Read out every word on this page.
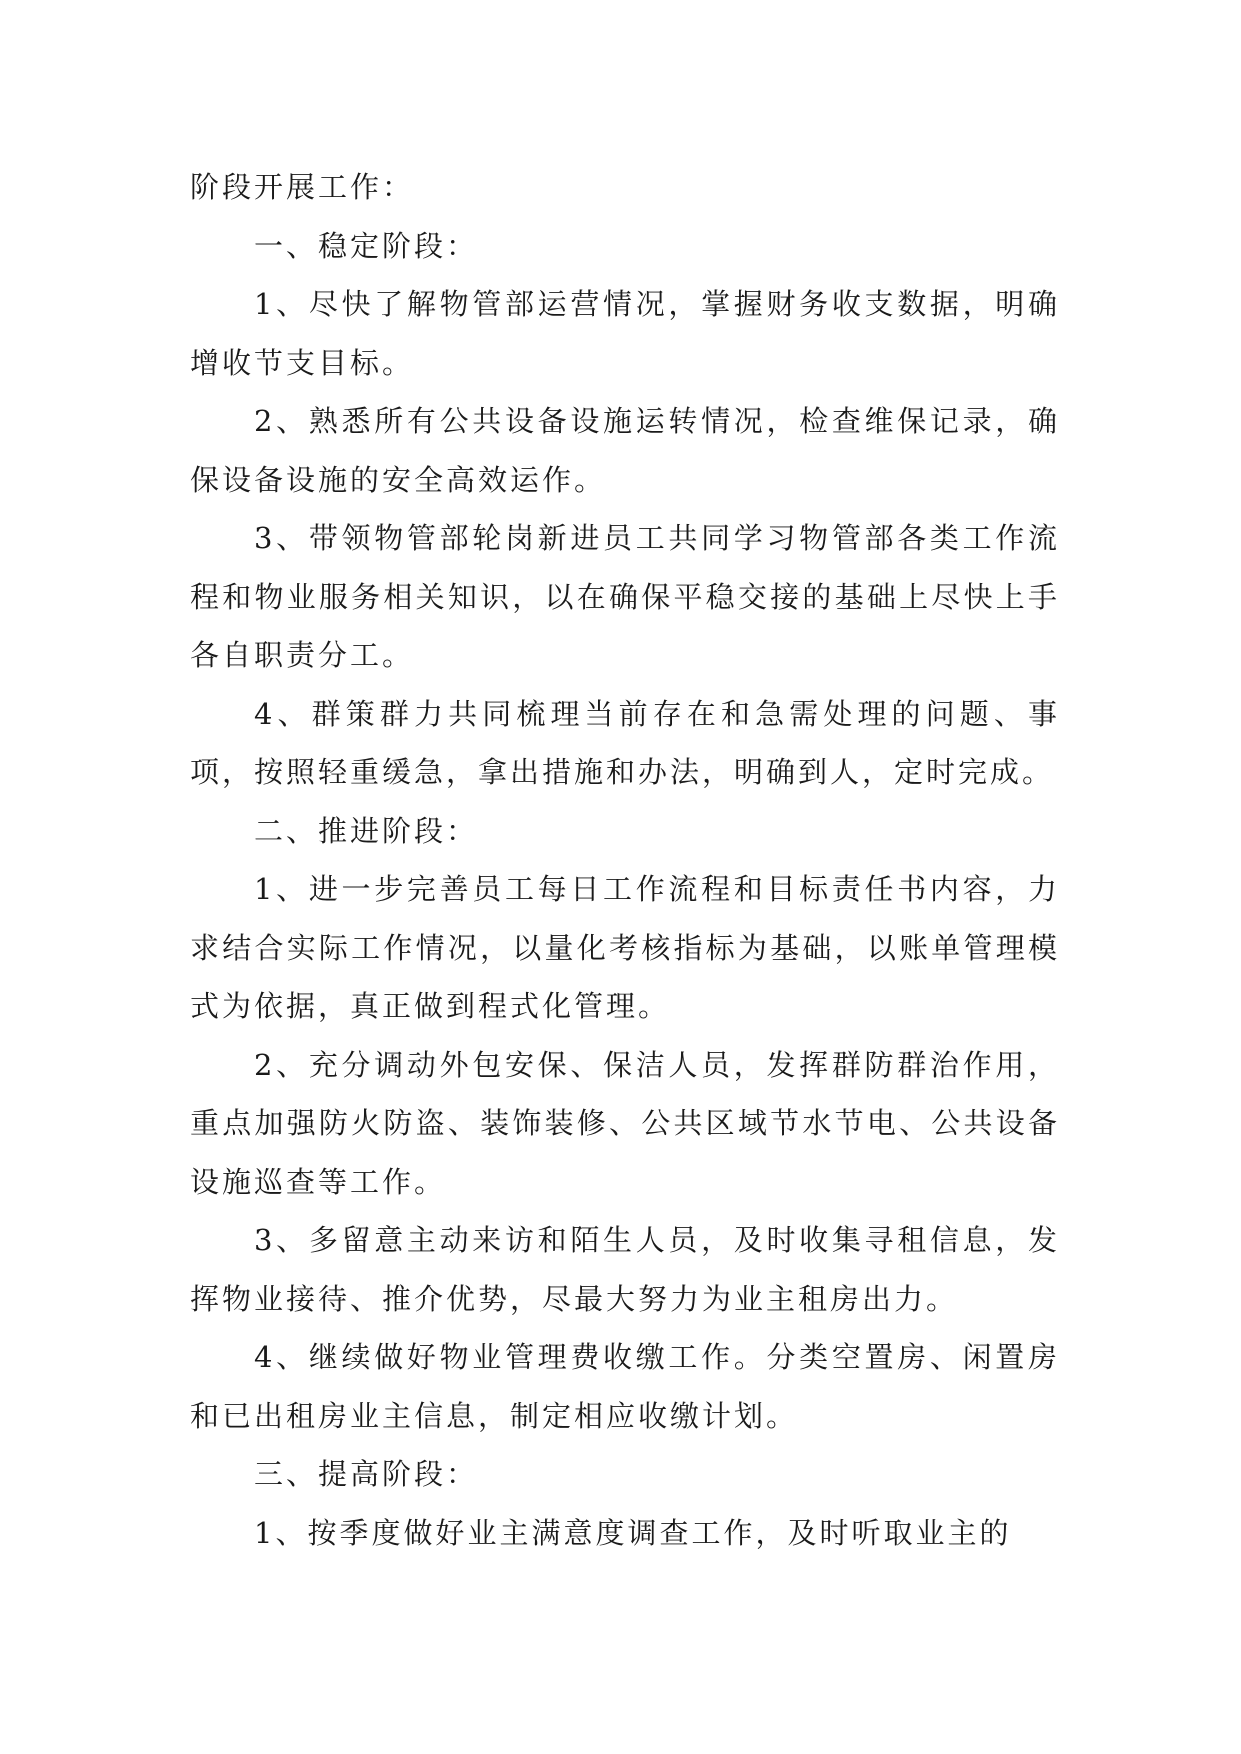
阶段开展工作：

一、稳定阶段：

1、尽快了解物管部运营情况，掌握财务收支数据，明确增收节支目标。

2、熟悉所有公共设备设施运转情况，检查维保记录，确保设备设施的安全高效运作。

3、带领物管部轮岗新进员工共同学习物管部各类工作流程和物业服务相关知识，以在确保平稳交接的基础上尽快上手各自职责分工。

4、群策群力共同梳理当前存在和急需处理的问题、事项，按照轻重缓急，拿出措施和办法，明确到人，定时完成。

二、推进阶段：

1、进一步完善员工每日工作流程和目标责任书内容，力求结合实际工作情况，以量化考核指标为基础，以账单管理模式为依据，真正做到程式化管理。

2、充分调动外包安保、保洁人员，发挥群防群治作用，重点加强防火防盗、装饰装修、公共区域节水节电、公共设备设施巡查等工作。

3、多留意主动来访和陌生人员，及时收集寻租信息，发挥物业接待、推介优势，尽最大努力为业主租房出力。

4、继续做好物业管理费收缴工作。分类空置房、闲置房和已出租房业主信息，制定相应收缴计划。

三、提高阶段：

1、按季度做好业主满意度调查工作，及时听取业主的
